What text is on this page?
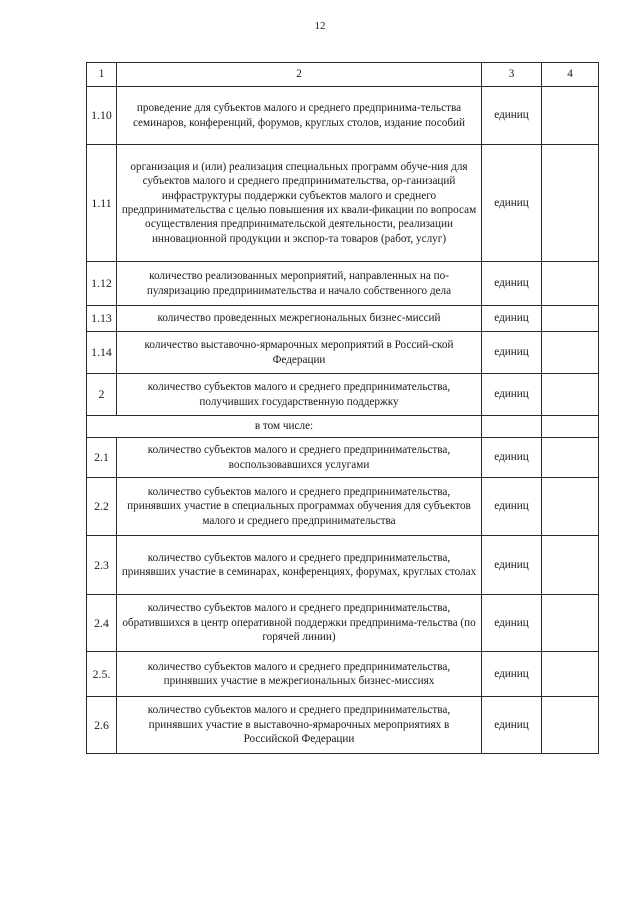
12
1	2	3	4
1.10	проведение для субъектов малого и среднего предпринима-тельства семинаров, конференций, форумов, круглых столов, издание пособий	единиц	
1.11	организация и (или) реализация специальных программ обуче-ния для субъектов малого и среднего предпринимательства, ор-ганизаций инфраструктуры поддержки субъектов малого и среднего предпринимательства с целью повышения их квали-фикации по вопросам осуществления предпринимательской деятельности, реализации инновационной продукции и экспор-та товаров (работ, услуг)	единиц	
1.12	количество реализованных мероприятий, направленных на по-пуляризацию предпринимательства и начало собственного дела	единиц	
1.13	количество проведенных межрегиональных бизнес-миссий	единиц	
1.14	количество выставочно-ярмарочных мероприятий в Россий-ской Федерации	единиц	
2	количество субъектов малого и среднего предпринимательства, получивших государственную поддержку	единиц	
в том числе:			
2.1	количество субъектов малого и среднего предпринимательства, воспользовавшихся услугами	единиц	
2.2	количество субъектов малого и среднего предпринимательства, принявших участие в специальных программах обучения для субъектов малого и среднего предпринимательства	единиц	
2.3	количество субъектов малого и среднего предпринимательства, принявших участие в семинарах, конференциях, форумах, круглых столах	единиц	
2.4	количество субъектов малого и среднего предпринимательства, обратившихся в центр оперативной поддержки предпринима-тельства (по горячей линии)	единиц	
2.5.	количество субъектов малого и среднего предпринимательства, принявших участие в межрегиональных бизнес-миссиях	единиц	
2.6	количество субъектов малого и среднего предпринимательства, принявших участие в выставочно-ярмарочных мероприятиях в Российской Федерации	единиц	
